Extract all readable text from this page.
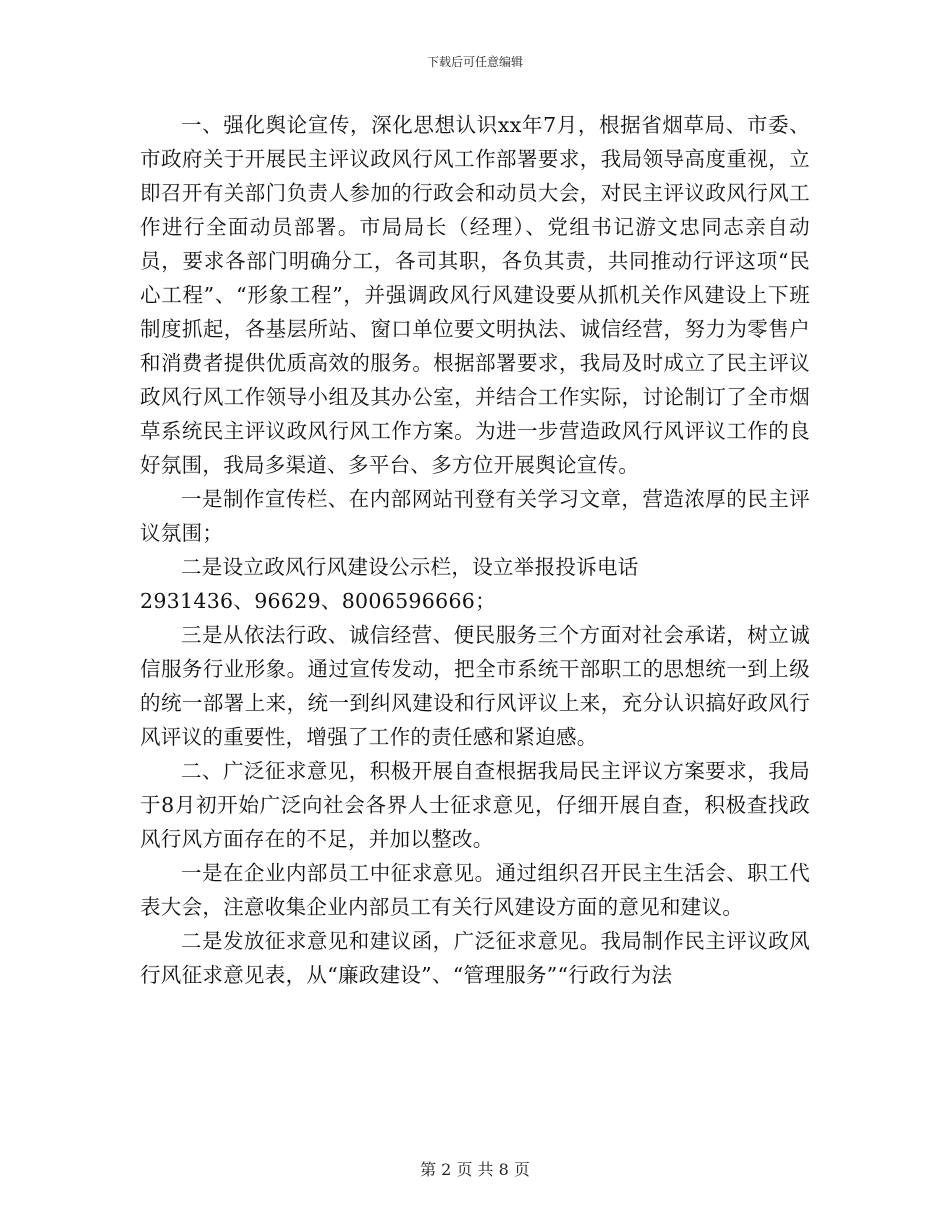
下载后可任意编辑

一、强化舆论宣传，深化思想认识xx年7月，根据省烟草局、市委、市政府关于开展民主评议政风行风工作部署要求，我局领导高度重视，立即召开有关部门负责人参加的行政会和动员大会，对民主评议政风行风工作进行全面动员部署。市局局长（经理）、党组书记游文忠同志亲自动员，要求各部门明确分工，各司其职，各负其责，共同推动行评这项“民心工程”、“形象工程”，并强调政风行风建设要从抓机关作风建设上下班制度抓起，各基层所站、窗口单位要文明执法、诚信经营，努力为零售户和消费者提供优质高效的服务。根据部署要求，我局及时成立了民主评议政风行风工作领导小组及其办公室，并结合工作实际，讨论制订了全市烟草系统民主评议政风行风工作方案。为进一步营造政风行风评议工作的良好氛围，我局多渠道、多平台、多方位开展舆论宣传。

一是制作宣传栏、在内部网站刊登有关学习文章，营造浓厚的民主评议氛围；

二是设立政风行风建设公示栏，设立举报投诉电话

2931436、96629、8006596666；

三是从依法行政、诚信经营、便民服务三个方面对社会承诺，树立诚信服务行业形象。通过宣传发动，把全市系统干部职工的思想统一到上级的统一部署上来，统一到纠风建设和行风评议上来，充分认识搞好政风行风评议的重要性，增强了工作的责任感和紧迫感。

二、广泛征求意见，积极开展自查根据我局民主评议方案要求，我局于8月初开始广泛向社会各界人士征求意见，仔细开展自查，积极查找政风行风方面存在的不足，并加以整改。

一是在企业内部员工中征求意见。通过组织召开民主生活会、职工代表大会，注意收集企业内部员工有关行风建设方面的意见和建议。

二是发放征求意见和建议函，广泛征求意见。我局制作民主评议政风行风征求意见表，从“廉政建设”、“管理服务”“行政行为法

第 2 页 共 8 页
